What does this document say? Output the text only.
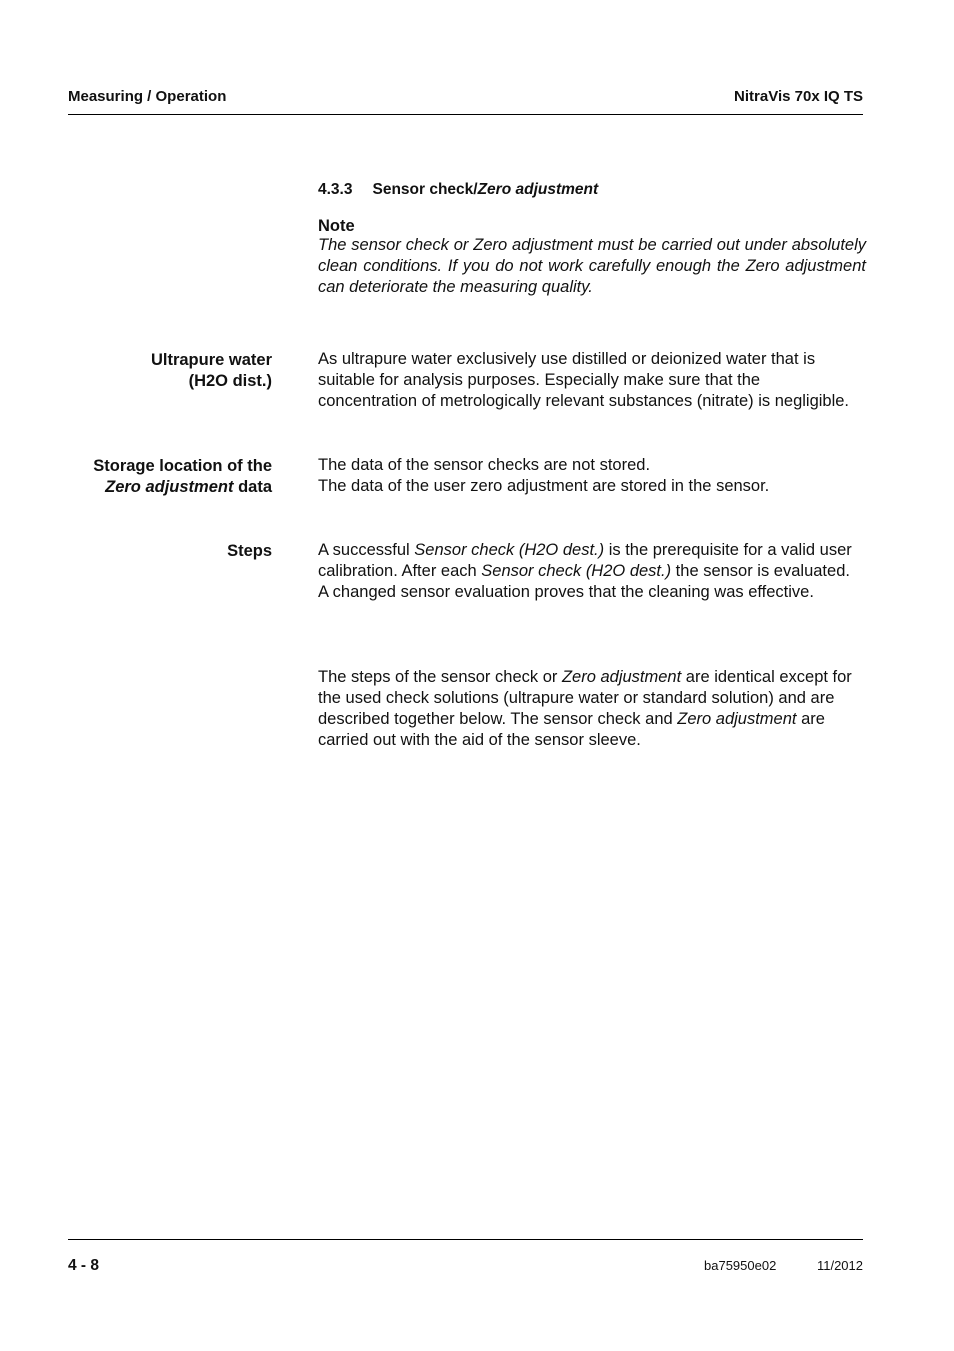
Measuring / Operation	NitraVis 70x IQ TS
4.3.3 Sensor check/Zero adjustment
Note
The sensor check or Zero adjustment must be carried out under absolutely clean conditions. If you do not work carefully enough the Zero adjustment can deteriorate the measuring quality.
Ultrapure water
(H2O dist.)
As ultrapure water exclusively use distilled or deionized water that is suitable for analysis purposes. Especially make sure that the concentration of metrologically relevant substances (nitrate) is negligible.
Storage location of the
Zero adjustment data

The data of the sensor checks are not stored.

The data of the user zero adjustment are stored in the sensor.

Steps	A successful Sensor check (H2O dest.) is the prerequisite for a valid user calibration. After each Sensor check (H2O dest.) the sensor is evaluated.

A changed sensor evaluation proves that the cleaning was effective.

The steps of the sensor check or Zero adjustment are identical except for the used check solutions (ultrapure water or standard solution) and are described together below. The sensor check and Zero adjustment are carried out with the aid of the sensor sleeve.

4 - 8	ba75950e02	11/2012
